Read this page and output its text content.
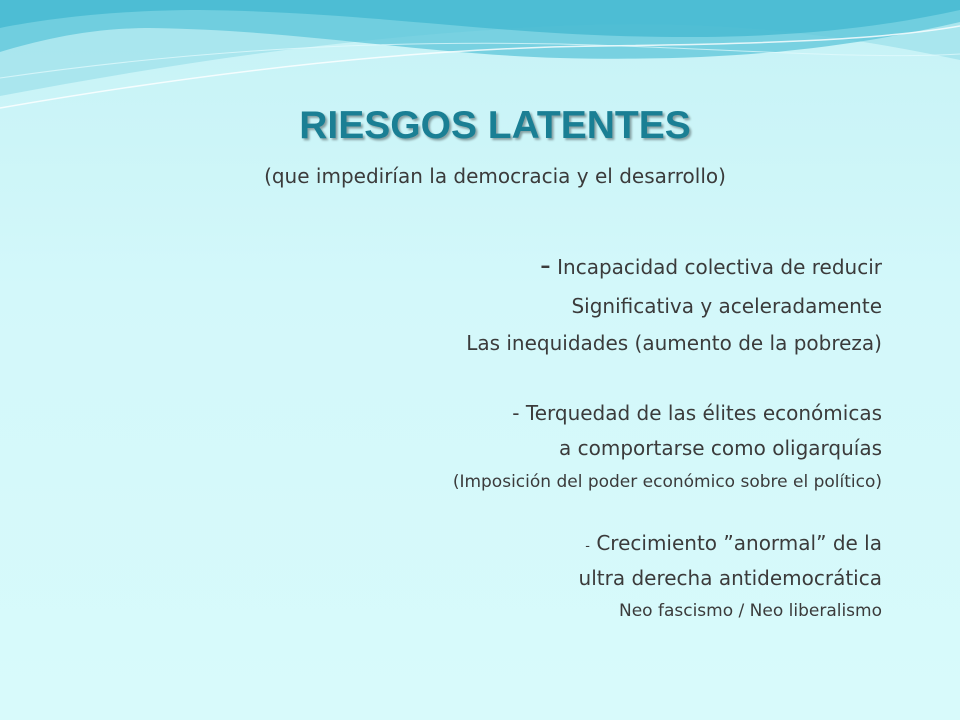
RIESGOS LATENTES
(que impedirían la democracia y el desarrollo)
- Incapacidad colectiva de reducir
Significativa y aceleradamente
Las inequidades (aumento de la pobreza)
- Terquedad de las élites económicas
a comportarse como oligarquías
(Imposición del poder económico sobre el político)
- Crecimiento ”anormal” de la
ultra derecha antidemocrática
Neo fascismo / Neo liberalismo
